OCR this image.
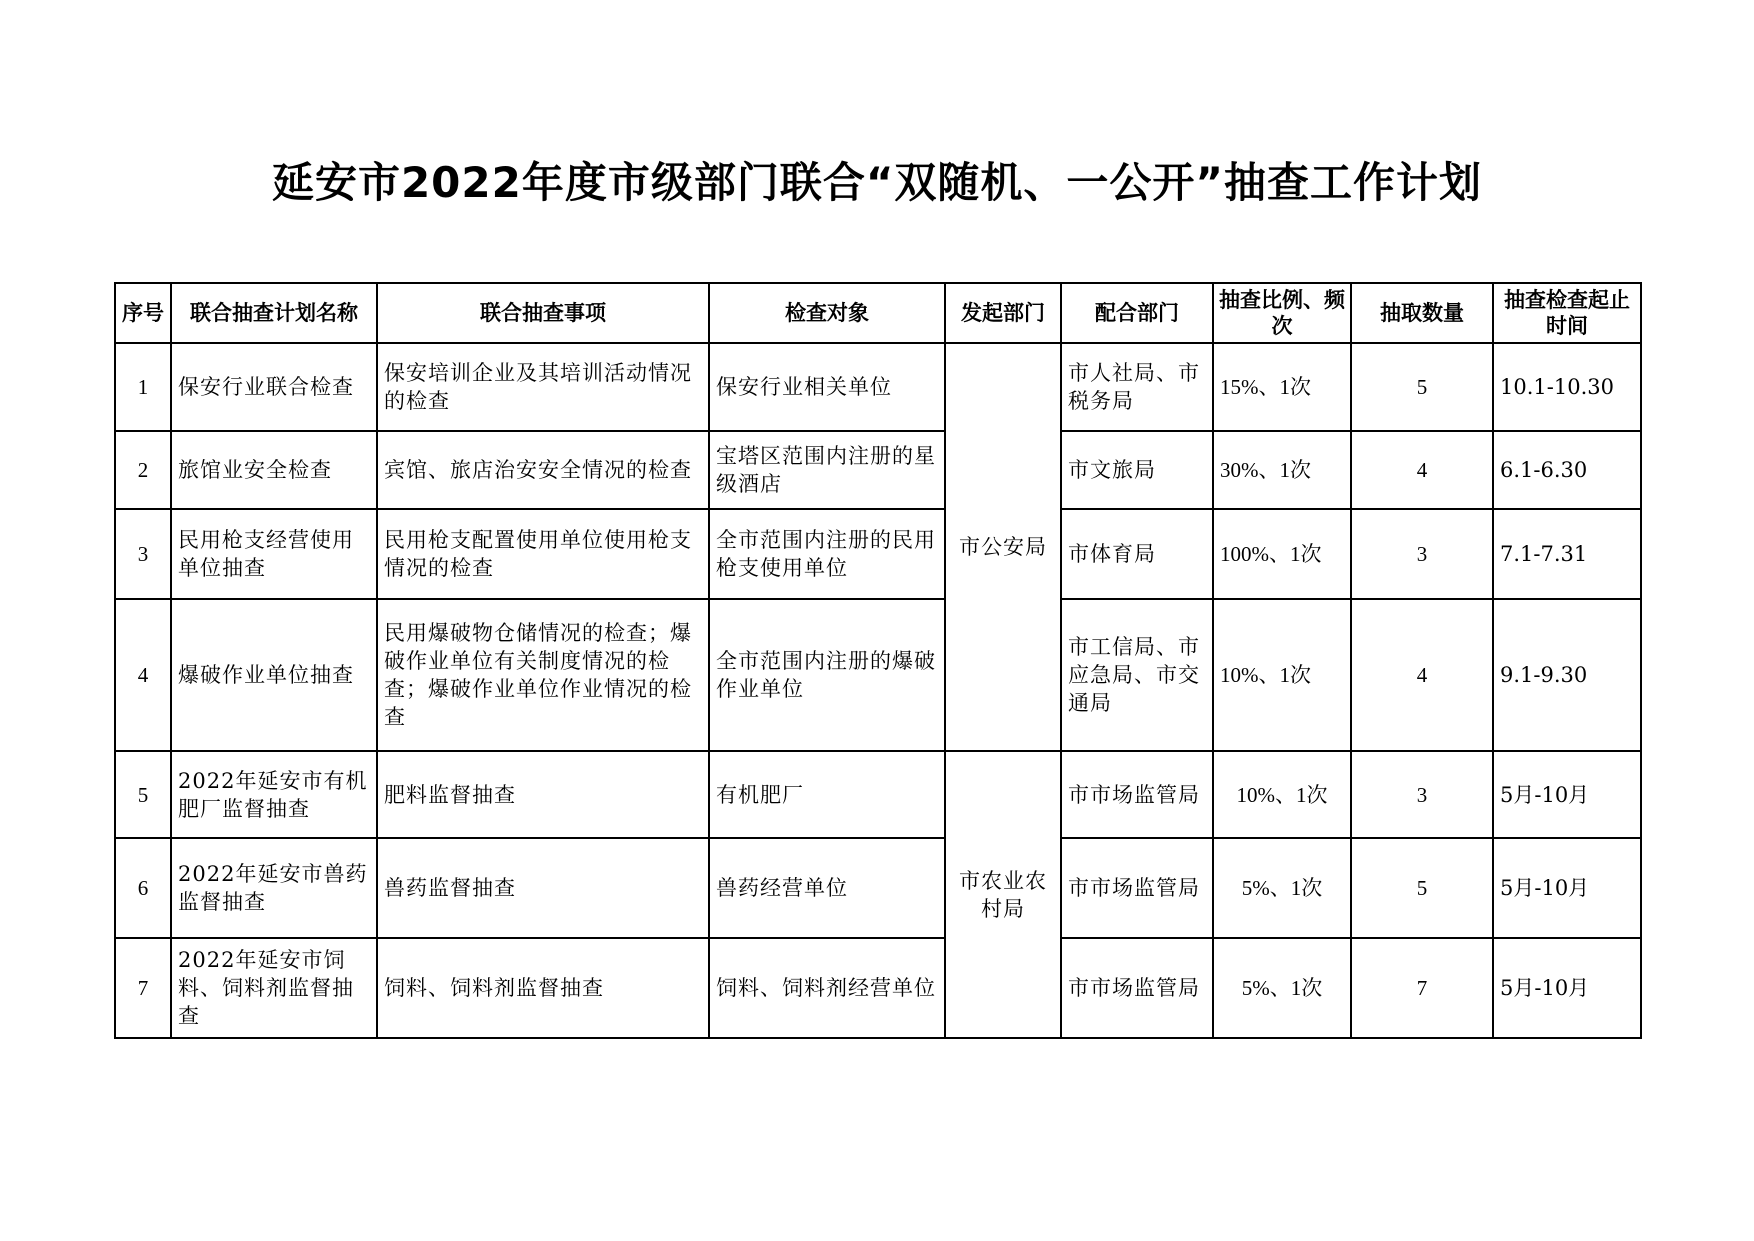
延安市2022年度市级部门联合“双随机、一公开”抽查工作计划
序号	联合抽查计划名称	联合抽查事项	检查对象	发起部门	配合部门	抽查比例、频次	抽取数量	抽查检查起止时间
1	保安行业联合检查	保安培训企业及其培训活动情况的检查	保安行业相关单位	市公安局	市人社局、市税务局	15%、1次	5	10.1-10.30
2	旅馆业安全检查	宾馆、旅店治安安全情况的检查	宝塔区范围内注册的星级酒店		市文旅局	30%、1次	4	6.1-6.30
3	民用枪支经营使用单位抽查	民用枪支配置使用单位使用枪支情况的检查	全市范围内注册的民用枪支使用单位		市体育局	100%、1次	3	7.1-7.31
4	爆破作业单位抽查	民用爆破物仓储情况的检查；爆破作业单位有关制度情况的检查；爆破作业单位作业情况的检查	全市范围内注册的爆破作业单位		市工信局、市应急局、市交通局	10%、1次	4	9.1-9.30
5	2022年延安市有机肥厂监督抽查	肥料监督抽查	有机肥厂	市农业农村局	市市场监管局	10%、1次	3	5月-10月
6	2022年延安市兽药监督抽查	兽药监督抽查	兽药经营单位		市市场监管局	5%、1次	5	5月-10月
7	2022年延安市饲料、饲料剂监督抽查	饲料、饲料剂监督抽查	饲料、饲料剂经营单位		市市场监管局	5%、1次	7	5月-10月
